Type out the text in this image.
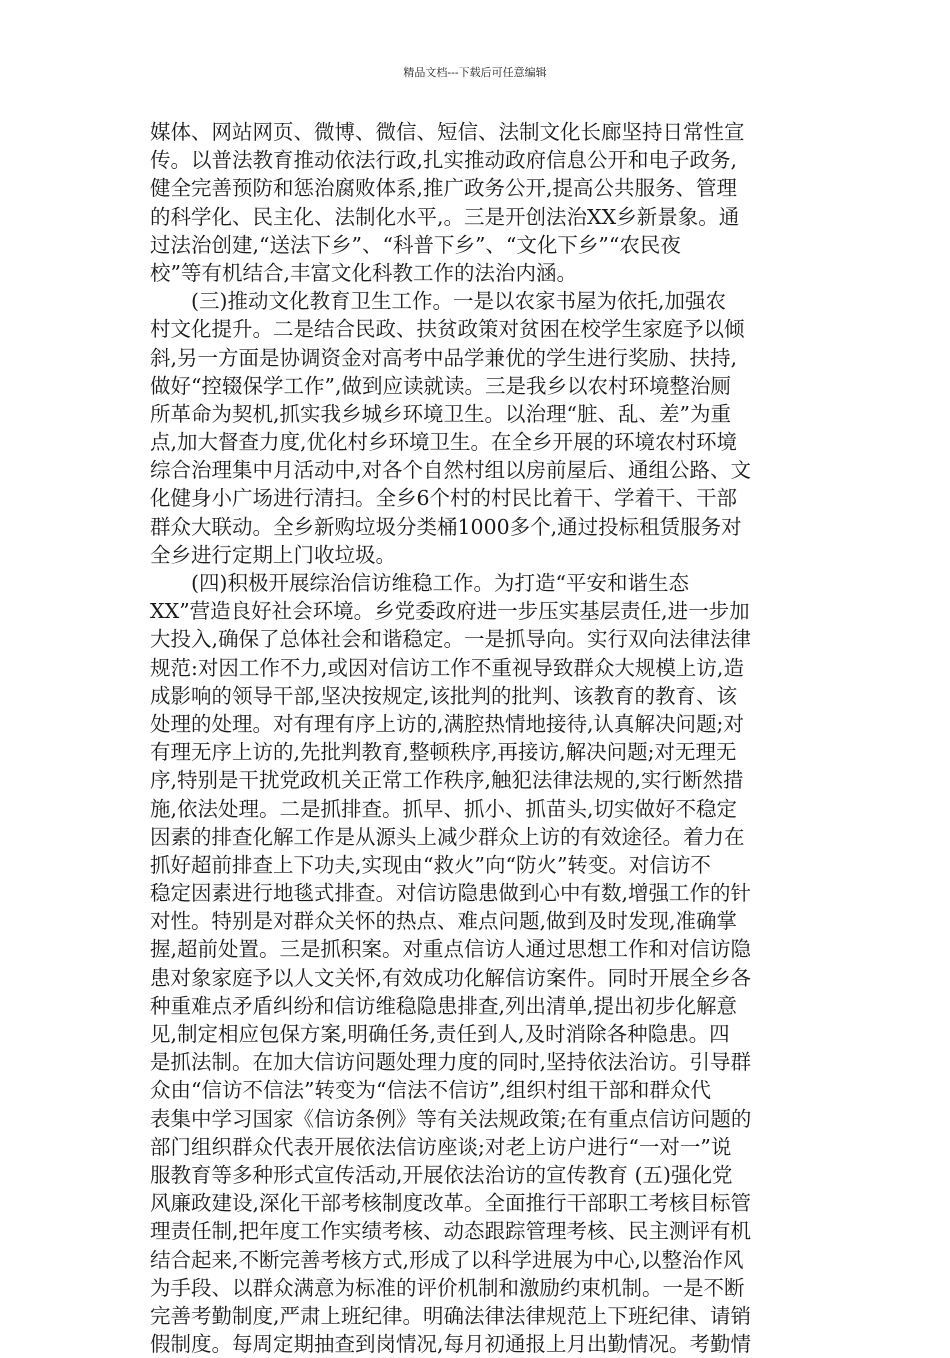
精品文档---下载后可任意编辑
媒体、网站网页、微博、微信、短信、法制文化长廊坚持日常性宣
传。以普法教育推动依法行政,扎实推动政府信息公开和电子政务,
健全完善预防和惩治腐败体系,推广政务公开,提高公共服务、管理
的科学化、民主化、法制化水平,。三是开创法治XX乡新景象。通
过法治创建,“送法下乡”、“科普下乡”、“文化下乡”“农民夜
校”等有机结合,丰富文化科教工作的法治内涵。
(三)推动文化教育卫生工作。一是以农家书屋为依托,加强农
村文化提升。二是结合民政、扶贫政策对贫困在校学生家庭予以倾
斜,另一方面是协调资金对高考中品学兼优的学生进行奖励、扶持,
做好“控辍保学工作”,做到应读就读。三是我乡以农村环境整治厕
所革命为契机,抓实我乡城乡环境卫生。以治理“脏、乱、差”为重
点,加大督查力度,优化村乡环境卫生。在全乡开展的环境农村环境
综合治理集中月活动中,对各个自然村组以房前屋后、通组公路、文
化健身小广场进行清扫。全乡6个村的村民比着干、学着干、干部
群众大联动。全乡新购垃圾分类桶1000多个,通过投标租赁服务对
全乡进行定期上门收垃圾。
(四)积极开展综治信访维稳工作。为打造“平安和谐生态
XX”营造良好社会环境。乡党委政府进一步压实基层责任,进一步加
大投入,确保了总体社会和谐稳定。一是抓导向。实行双向法律法律
规范:对因工作不力,或因对信访工作不重视导致群众大规模上访,造
成影响的领导干部,坚决按规定,该批判的批判、该教育的教育、该
处理的处理。对有理有序上访的,满腔热情地接待,认真解决问题;对
有理无序上访的,先批判教育,整顿秩序,再接访,解决问题;对无理无
序,特别是干扰党政机关正常工作秩序,触犯法律法规的,实行断然措
施,依法处理。二是抓排查。抓早、抓小、抓苗头,切实做好不稳定
因素的排查化解工作是从源头上减少群众上访的有效途径。着力在
抓好超前排查上下功夫,实现由“救火”向“防火”转变。对信访不
稳定因素进行地毯式排查。对信访隐患做到心中有数,增强工作的针
对性。特别是对群众关怀的热点、难点问题,做到及时发现,准确掌
握,超前处置。三是抓积案。对重点信访人通过思想工作和对信访隐
患对象家庭予以人文关怀,有效成功化解信访案件。同时开展全乡各
种重难点矛盾纠纷和信访维稳隐患排查,列出清单,提出初步化解意
见,制定相应包保方案,明确任务,责任到人,及时消除各种隐患。四
是抓法制。在加大信访问题处理力度的同时,坚持依法治访。引导群
众由“信访不信法”转变为“信法不信访”,组织村组干部和群众代
表集中学习国家《信访条例》等有关法规政策;在有重点信访问题的
部门组织群众代表开展依法信访座谈;对老上访户进行“一对一”说
服教育等多种形式宣传活动,开展依法治访的宣传教育 (五)强化党
风廉政建设,深化干部考核制度改革。全面推行干部职工考核目标管
理责任制,把年度工作实绩考核、动态跟踪管理考核、民主测评有机
结合起来,不断完善考核方式,形成了以科学进展为中心,以整治作风
为手段、以群众满意为标准的评价机制和激励约束机制。一是不断
完善考勤制度,严肃上班纪律。明确法律法律规范上下班纪律、请销
假制度。每周定期抽查到岗情况,每月初通报上月出勤情况。考勤情
